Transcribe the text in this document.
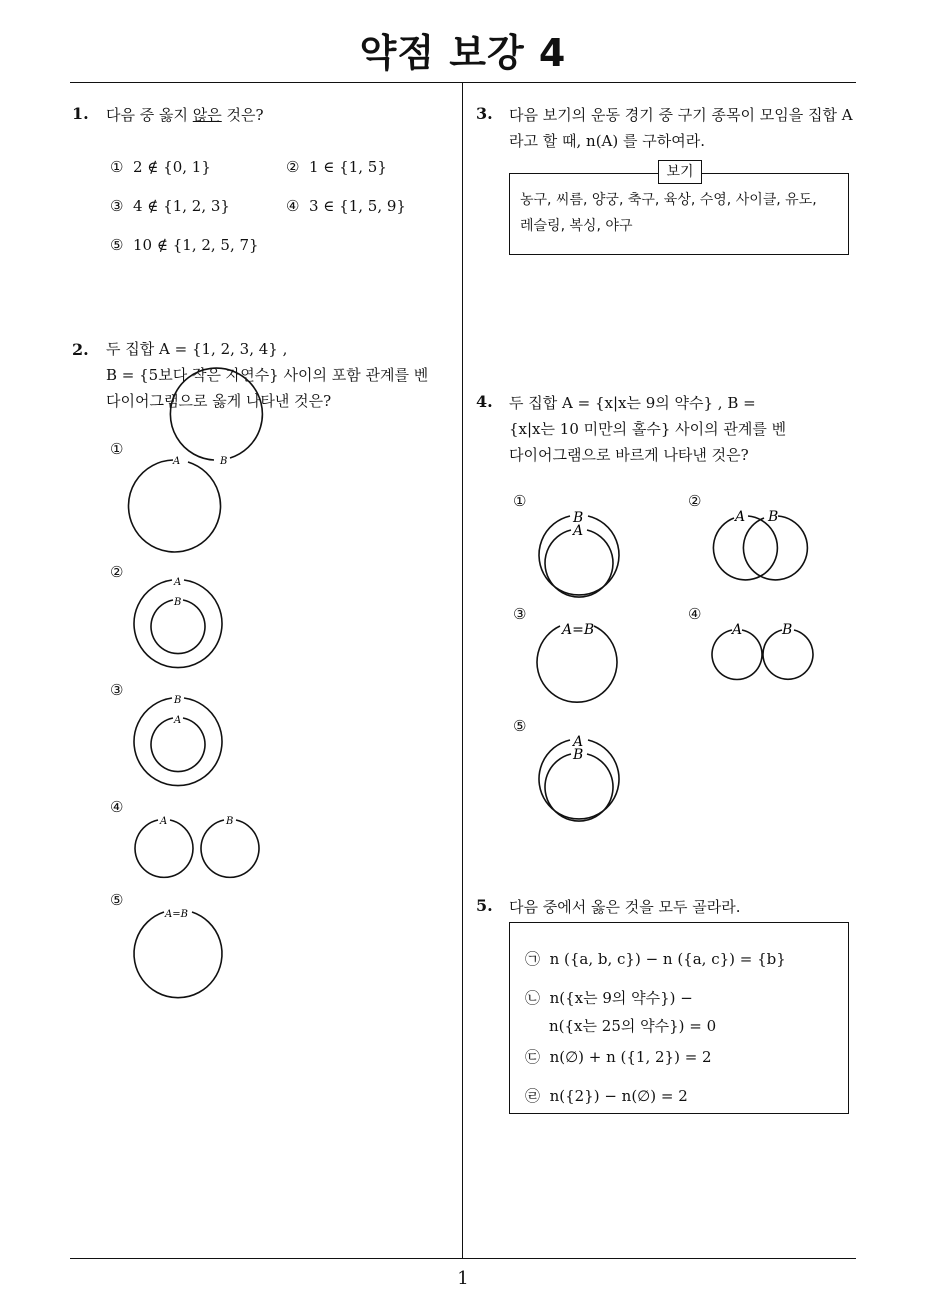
약점 보강 4
1
1. 다음 중 옳지 않은 것은?
① 2 ∉ {0, 1}	② 1 ∈ {1, 5}
③ 4 ∉ {1, 2, 3}	④ 3 ∈ {1, 5, 9}
⑤ 10 ∉ {1, 2, 5, 7}
2. 두 집합 A = {1, 2, 3, 4} ,
B = {5보다 작은 자연수} 사이의 포함 관계를 벤
다이어그램으로 옳게 나타낸 것은?
①
A	B
②
A
B
③
B
A
④
A	B
⑤
A=B
3. 다음 보기의 운동 경기 중 구기 종목이 모임을 집합 A
라고 할 때, n(A) 를 구하여라.
보기
농구, 씨름, 양궁, 축구, 육상, 수영, 사이클, 유도,
레슬링, 복싱, 야구
4. 두 집합 A = {x|x는 9의 약수} , B =
{x|x는 10 미만의 홀수} 사이의 관계를 벤
다이어그램으로 바르게 나타낸 것은?
①
B
A
②
A B
③
A=B
④
A	B
⑤
A
B
5. 다음 중에서 옳은 것을 모두 골라라.
㉠ n ({a, b, c}) − n ({a, c}) = {b}
㉡ n({x는 9의 약수}) −
n({x는 25의 약수}) = 0
㉢ n(∅) + n ({1, 2}) = 2
㉣ n({2}) − n(∅) = 2
